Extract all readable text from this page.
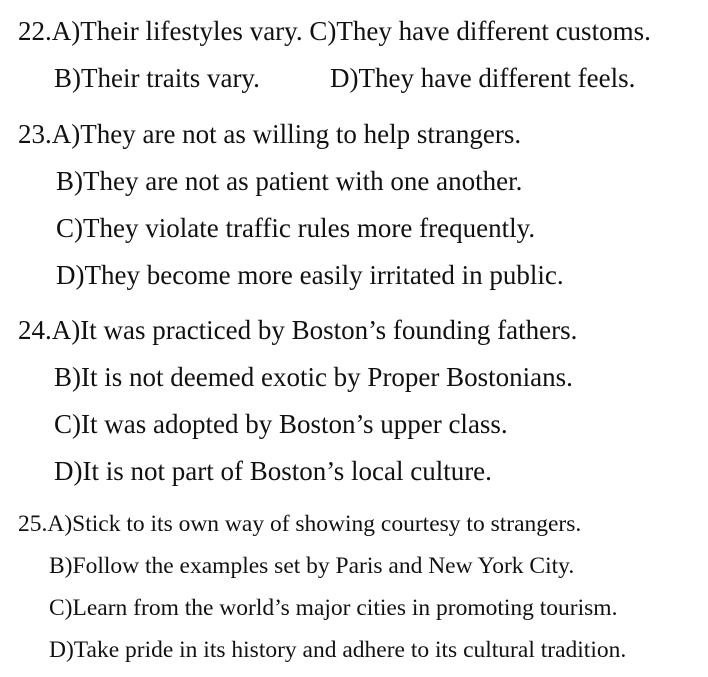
22.A)Their lifestyles vary. C)They have different customs.
B)Their traits vary.	D)They have different feels.
23.A)They are not as willing to help strangers.
B)They are not as patient with one another.
C)They violate traffic rules more frequently.
D)They become more easily irritated in public.
24.A)It was practiced by Boston’s founding fathers.
B)It is not deemed exotic by Proper Bostonians.
C)It was adopted by Boston’s upper class.
D)It is not part of Boston’s local culture.
25.A)Stick to its own way of showing courtesy to strangers.
B)Follow the examples set by Paris and New York City.
C)Learn from the world’s major cities in promoting tourism.
D)Take pride in its history and adhere to its cultural tradition.
